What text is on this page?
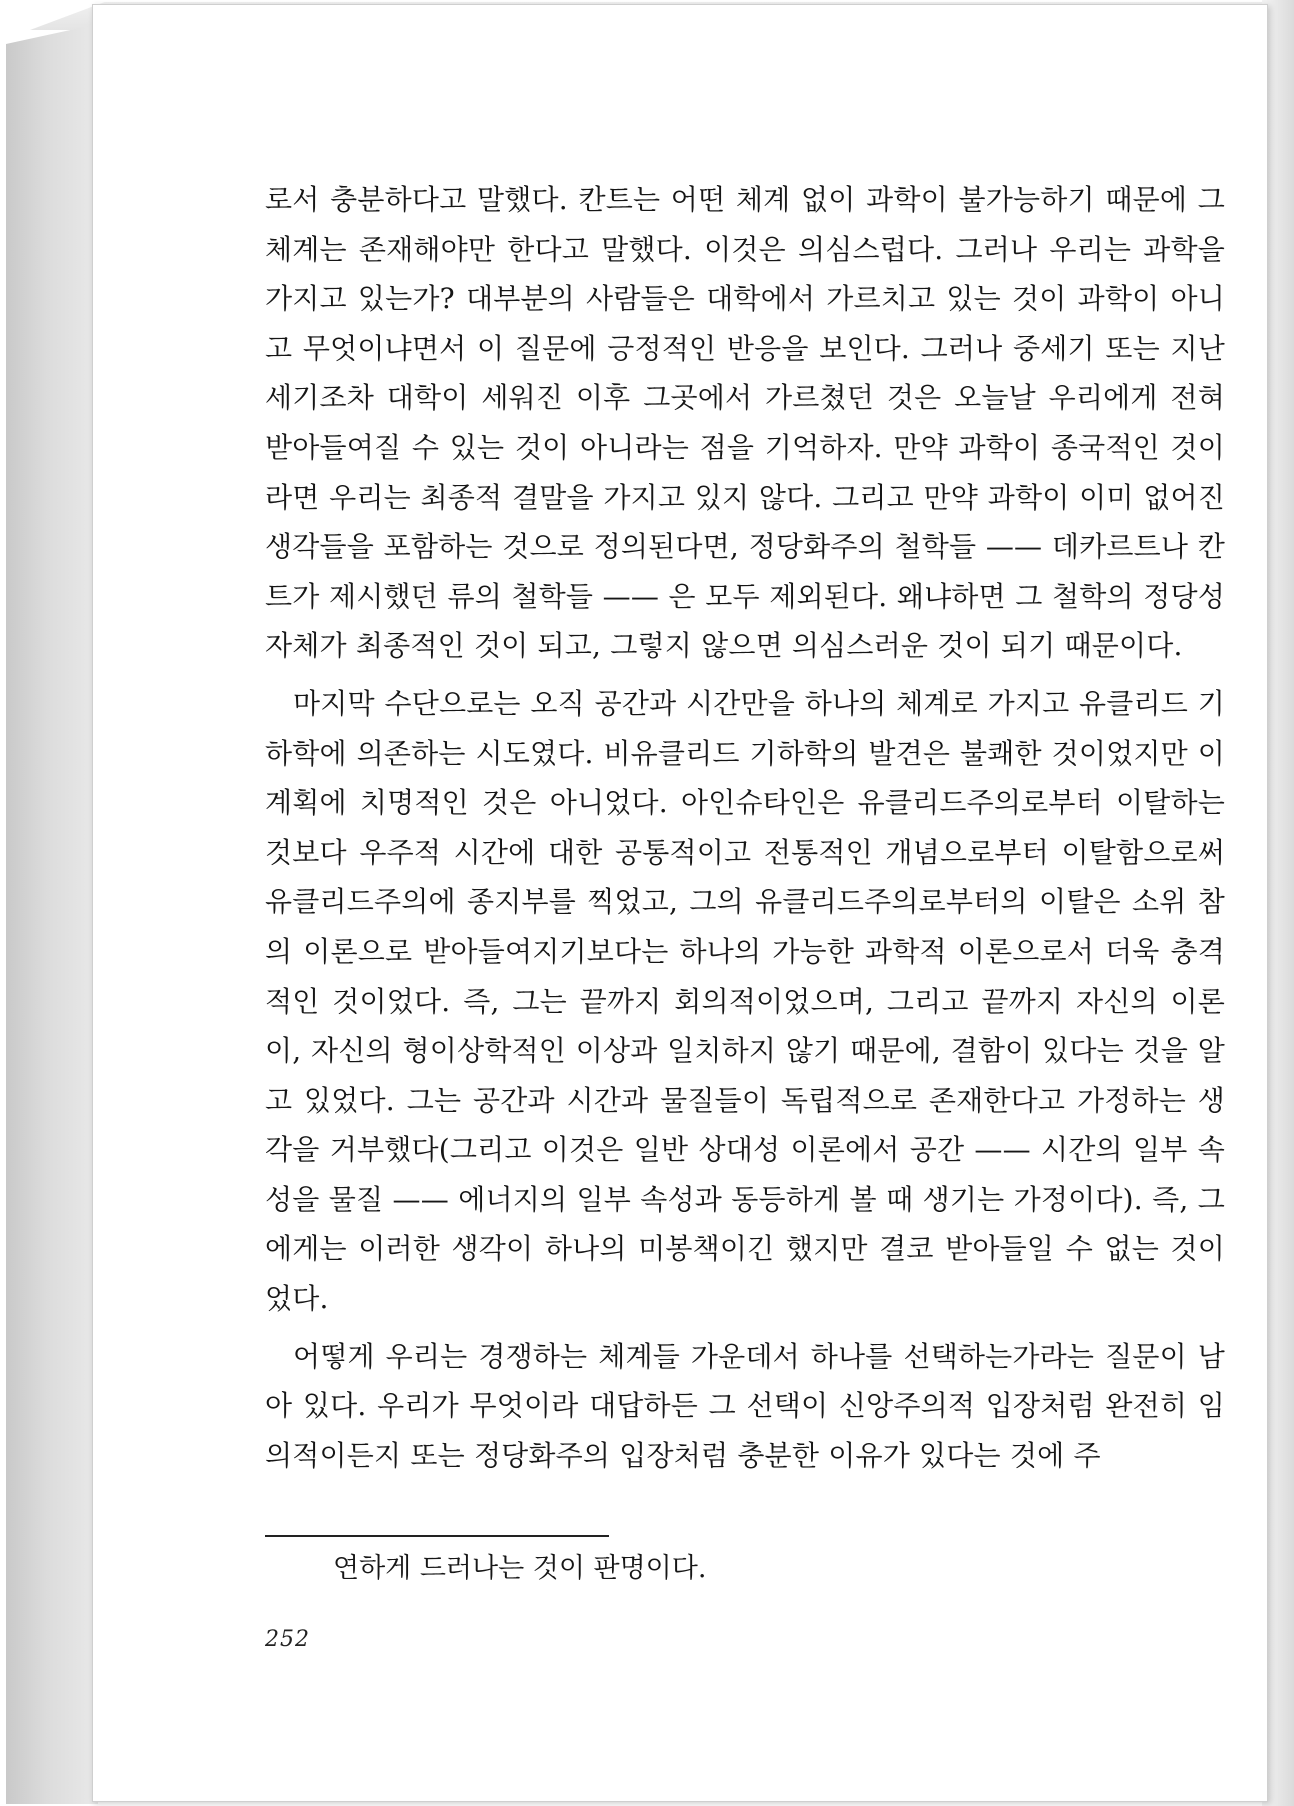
로서 충분하다고 말했다. 칸트는 어떤 체계 없이 과학이 불가능하기 때문에 그 체계는 존재해야만 한다고 말했다. 이것은 의심스럽다. 그러나 우리는 과학을 가지고 있는가? 대부분의 사람들은 대학에서 가르치고 있는 것이 과학이 아니고 무엇이냐면서 이 질문에 긍정적인 반응을 보인다. 그러나 중세기 또는 지난 세기조차 대학이 세워진 이후 그곳에서 가르쳤던 것은 오늘날 우리에게 전혀 받아들여질 수 있는 것이 아니라는 점을 기억하자. 만약 과학이 종국적인 것이라면 우리는 최종적 결말을 가지고 있지 않다. 그리고 만약 과학이 이미 없어진 생각들을 포함하는 것으로 정의된다면, 정당화주의 철학들 —— 데카르트나 칸트가 제시했던 류의 철학들 —— 은 모두 제외된다. 왜냐하면 그 철학의 정당성 자체가 최종적인 것이 되고, 그렇지 않으면 의심스러운 것이 되기 때문이다.

마지막 수단으로는 오직 공간과 시간만을 하나의 체계로 가지고 유클리드 기하학에 의존하는 시도였다. 비유클리드 기하학의 발견은 불쾌한 것이었지만 이 계획에 치명적인 것은 아니었다. 아인슈타인은 유클리드주의로부터 이탈하는 것보다 우주적 시간에 대한 공통적이고 전통적인 개념으로부터 이탈함으로써 유클리드주의에 종지부를 찍었고, 그의 유클리드주의로부터의 이탈은 소위 참의 이론으로 받아들여지기보다는 하나의 가능한 과학적 이론으로서 더욱 충격적인 것이었다. 즉, 그는 끝까지 회의적이었으며, 그리고 끝까지 자신의 이론이, 자신의 형이상학적인 이상과 일치하지 않기 때문에, 결함이 있다는 것을 알고 있었다. 그는 공간과 시간과 물질들이 독립적으로 존재한다고 가정하는 생각을 거부했다(그리고 이것은 일반 상대성 이론에서 공간 —— 시간의 일부 속성을 물질 —— 에너지의 일부 속성과 동등하게 볼 때 생기는 가정이다). 즉, 그에게는 이러한 생각이 하나의 미봉책이긴 했지만 결코 받아들일 수 없는 것이었다.

어떻게 우리는 경쟁하는 체계들 가운데서 하나를 선택하는가라는 질문이 남아 있다. 우리가 무엇이라 대답하든 그 선택이 신앙주의적 입장처럼 완전히 임의적이든지 또는 정당화주의 입장처럼 충분한 이유가 있다는 것에 주

연하게 드러나는 것이 판명이다.
252
